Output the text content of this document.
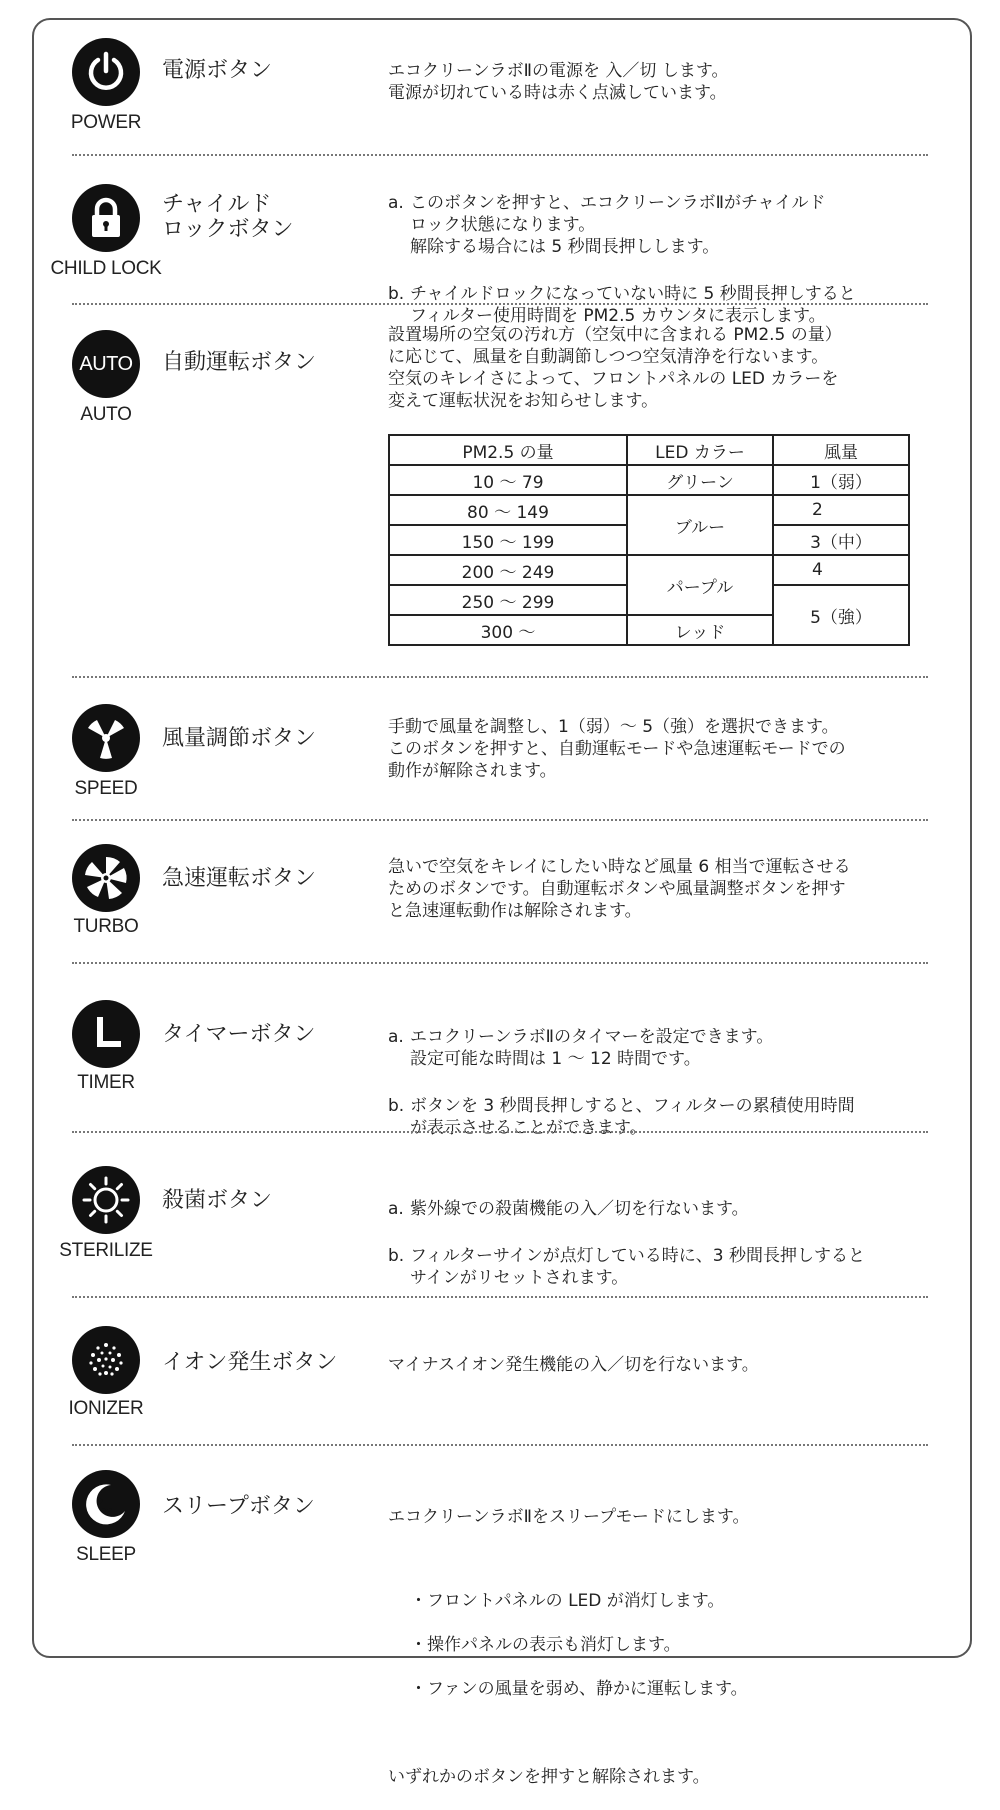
POWER
電源ボタン	エコクリーンラボⅡの電源を 入／切 します。
電源が切れている時は赤く点滅しています。
CHILD LOCK
チャイルド
ロックボタン

a. このボタンを押すと、エコクリーンラボⅡがチャイルド
ロック状態になります。
解除する場合には 5 秒間長押しします。

b. チャイルドロックになっていない時に 5 秒間長押しすると
フィルター使用時間を PM2.5 カウンタに表示します。

AUTO
AUTO
自動運転ボタン
設置場所の空気の汚れ方（空気中に含まれる PM2.5 の量）
に応じて、風量を自動調節しつつ空気清浄を行ないます。
空気のキレイさによって、フロントパネルの LED カラーを
変えて運転状況をお知らせします。
PM2.5 の量	LED カラー	風量
10 ～ 79	グリーン	1（弱）
80 ～ 149	ブルー	2
150 ～ 199		3（中）
200 ～ 249	パープル	4
250 ～ 299		5（強）
300 ～	レッド	
SPEED
風量調節ボタン	手動で風量を調整し、1（弱）～ 5（強）を選択できます。
このボタンを押すと、自動運転モードや急速運転モードでの
動作が解除されます。
TURBO
急速運転ボタン	急いで空気をキレイにしたい時など風量 6 相当で運転させる
ためのボタンです。自動運転ボタンや風量調整ボタンを押す
と急速運転動作は解除されます。
TIMER
タイマーボタン	a. エコクリーンラボⅡのタイマーを設定できます。
設定可能な時間は 1 ～ 12 時間です。

b. ボタンを 3 秒間長押しすると、フィルターの累積使用時間
が表示させることができます。

STERILIZE
殺菌ボタン	a. 紫外線での殺菌機能の入／切を行ないます。

b. フィルターサインが点灯している時に、3 秒間長押しすると
サインがリセットされます。

IONIZER
イオン発生ボタン	マイナスイオン発生機能の入／切を行ないます。
SLEEP
スリープボタン	エコクリーンラボⅡをスリープモードにします。

・フロントパネルの LED が消灯します。

・操作パネルの表示も消灯します。

・ファンの風量を弱め、静かに運転します。

いずれかのボタンを押すと解除されます。
